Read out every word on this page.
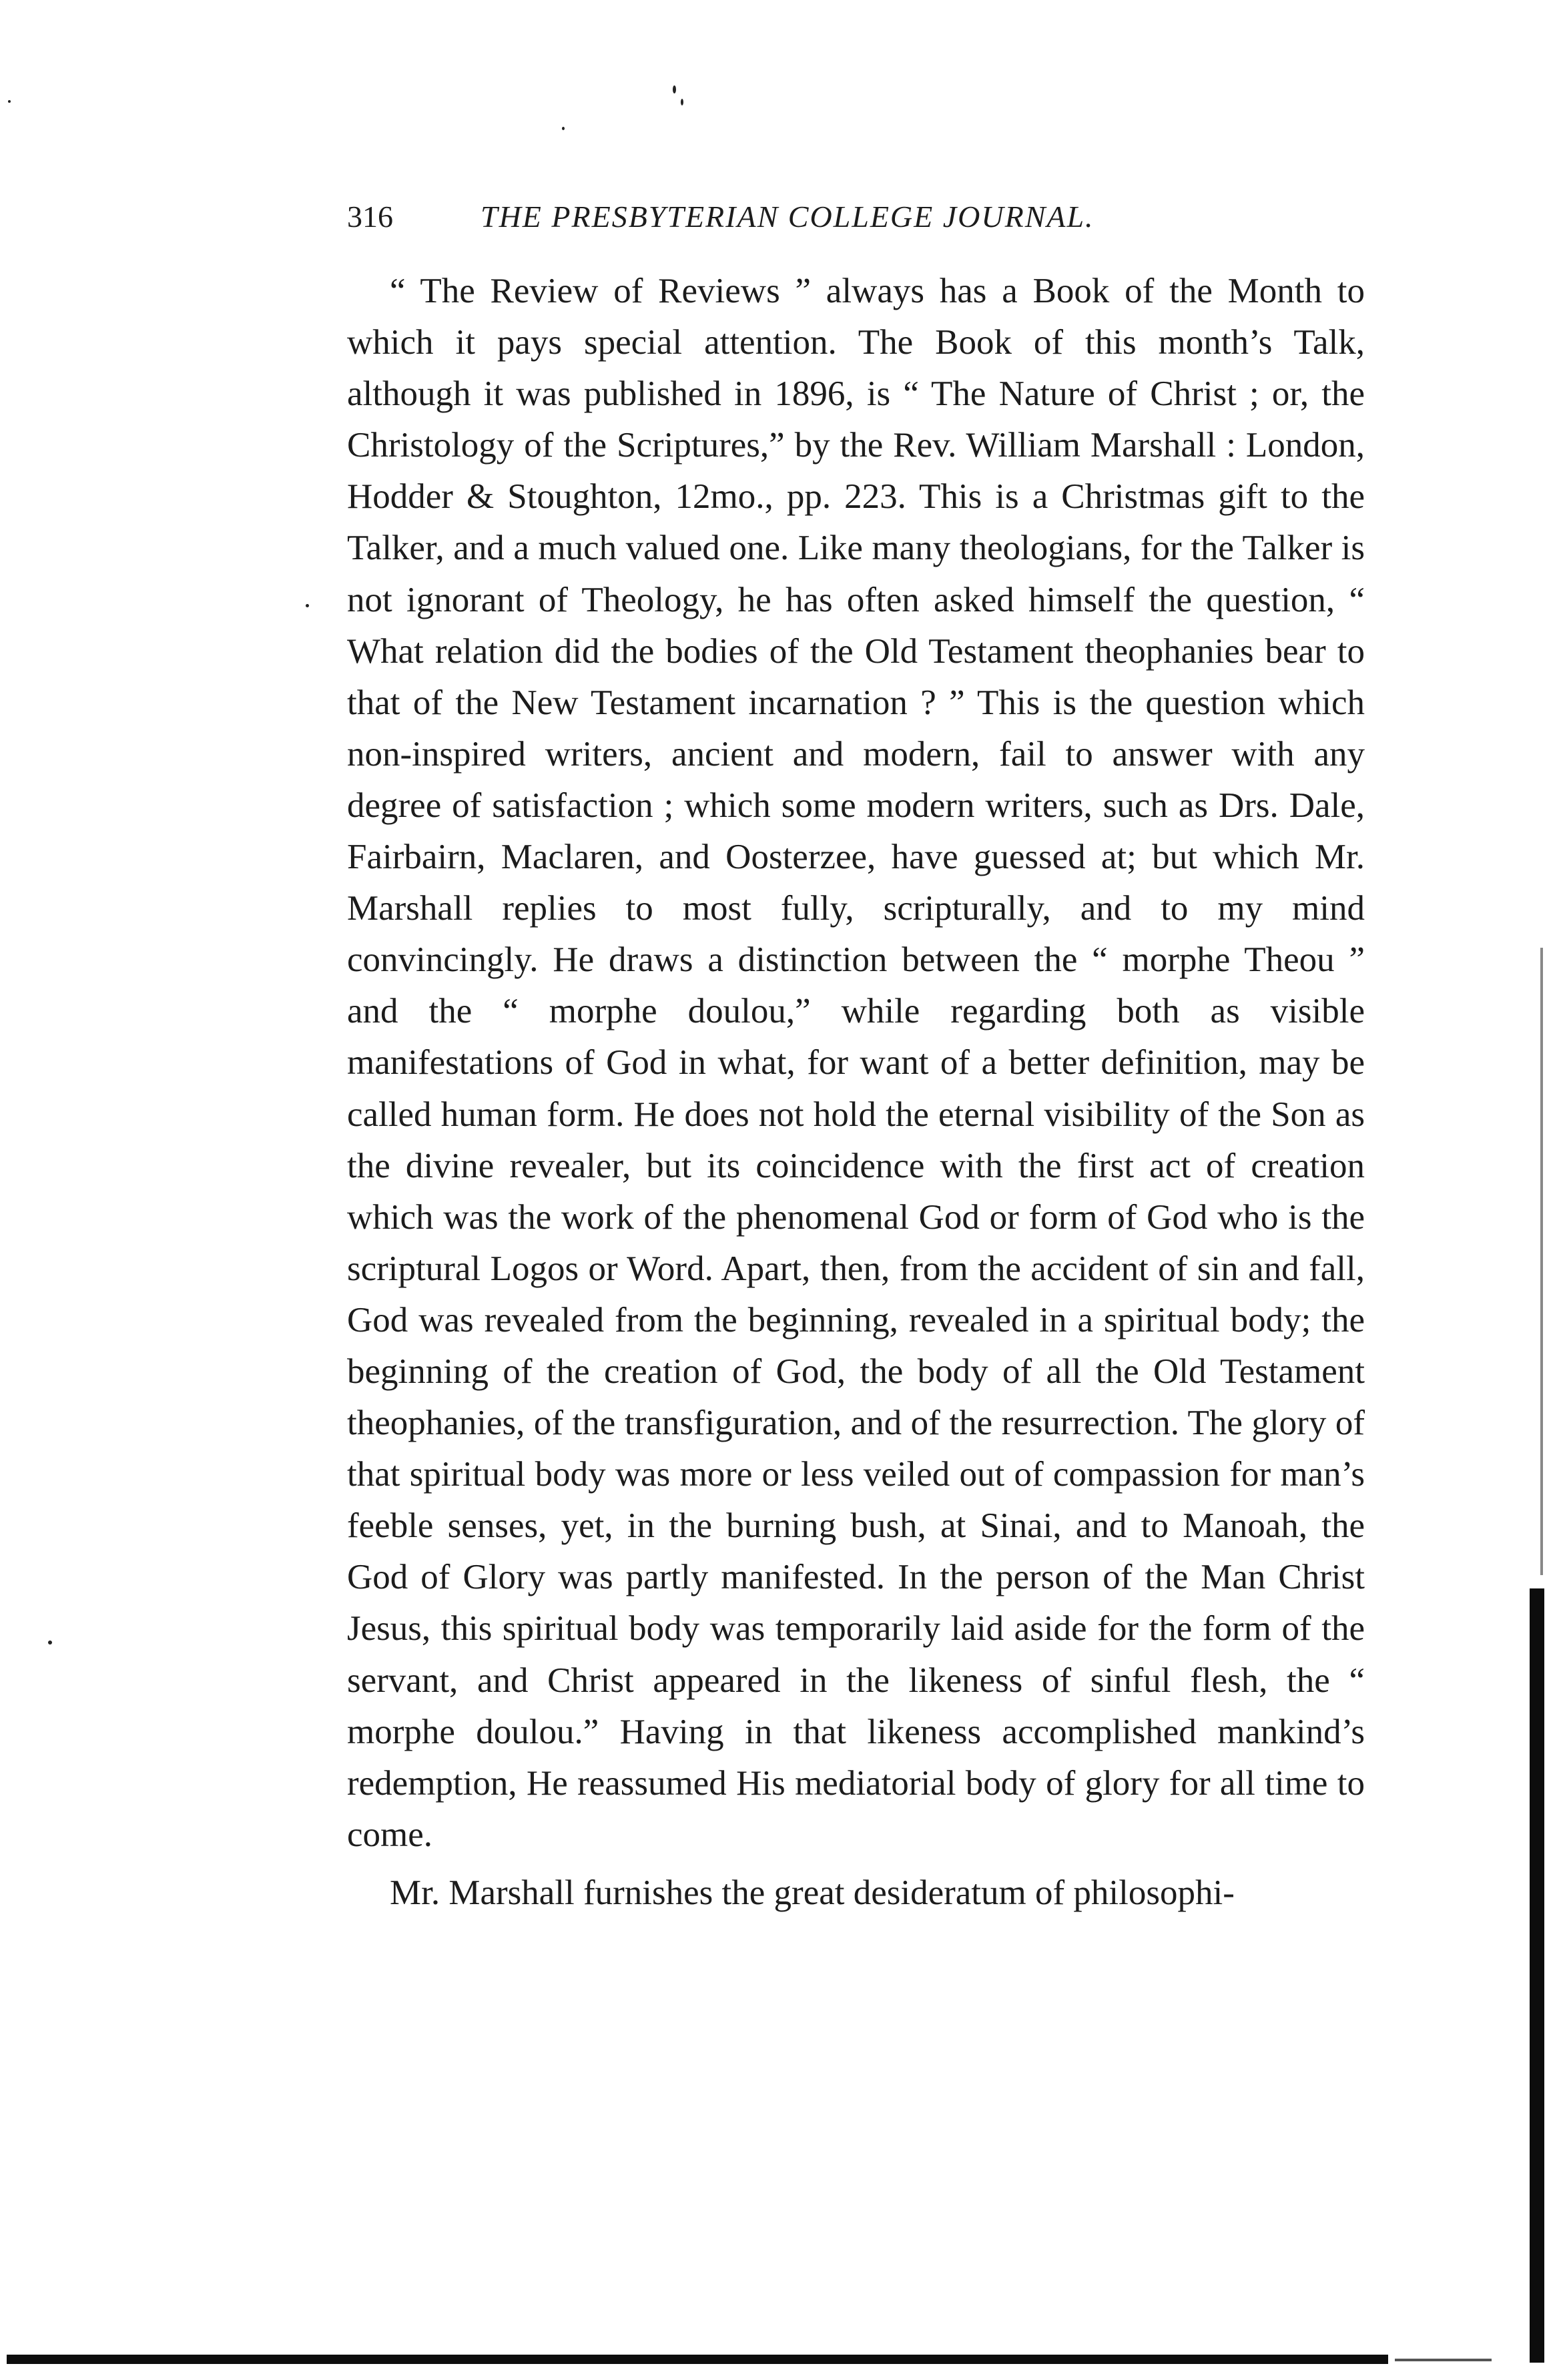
316	THE PRESBYTERIAN COLLEGE JOURNAL.

“ The Review of Reviews ” always has a Book of the Month to which it pays special attention. The Book of this month’s Talk, although it was published in 1896, is “ The Nature of Christ ; or, the Christology of the Scriptures,” by the Rev. William Marshall : London, Hodder & Stoughton, 12mo., pp. 223. This is a Christmas gift to the Talker, and a much valued one. Like many theologians, for the Talker is not ignorant of Theology, he has often asked himself the question, “ What relation did the bodies of the Old Testament theophanies bear to that of the New Testament incarnation ? ” This is the question which non-inspired writers, ancient and modern, fail to answer with any degree of satisfaction ; which some modern writers, such as Drs. Dale, Fairbairn, Maclaren, and Oosterzee, have guessed at; but which Mr. Marshall replies to most fully, scripturally, and to my mind convincingly. He draws a distinction between the “ morphe Theou ” and the “ morphe doulou,” while regarding both as visible manifestations of God in what, for want of a better definition, may be called human form. He does not hold the eternal visibility of the Son as the divine revealer, but its coincidence with the first act of creation which was the work of the phenomenal God or form of God who is the scriptural Logos or Word. Apart, then, from the accident of sin and fall, God was revealed from the beginning, revealed in a spiritual body; the beginning of the creation of God, the body of all the Old Testament theophanies, of the transfiguration, and of the resurrection. The glory of that spiritual body was more or less veiled out of compassion for man’s feeble senses, yet, in the burning bush, at Sinai, and to Manoah, the God of Glory was partly manifested. In the person of the Man Christ Jesus, this spiritual body was temporarily laid aside for the form of the servant, and Christ appeared in the likeness of sinful flesh, the “ morphe doulou.” Having in that likeness accomplished mankind’s redemption, He reassumed His mediatorial body of glory for all time to come.

Mr. Marshall furnishes the great desideratum of philosophi-
